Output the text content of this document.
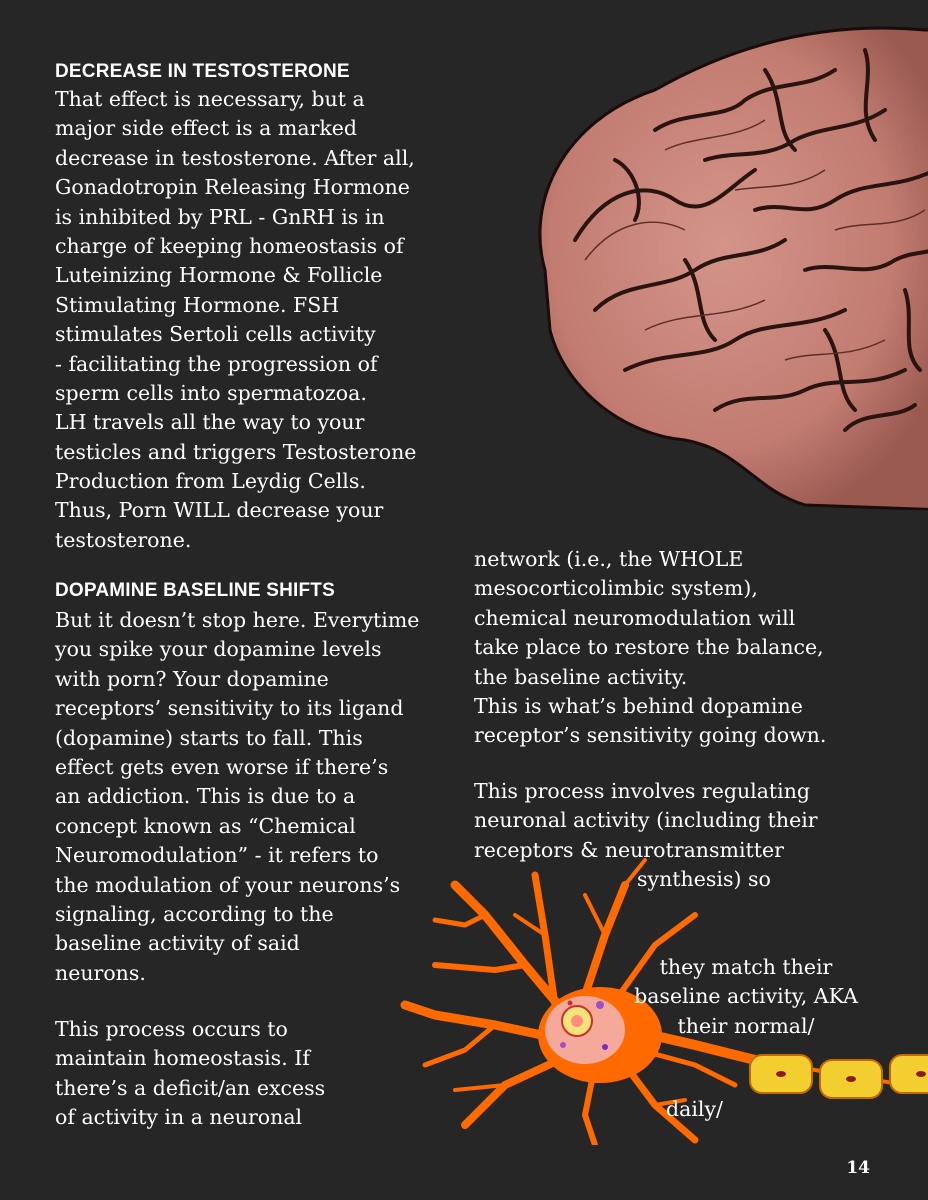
DECREASE IN TESTOSTERONE
That effect is necessary, but a
major side effect is a marked
decrease in testosterone. After all,
Gonadotropin Releasing Hormone
is inhibited by PRL - GnRH is in
charge of keeping homeostasis of
Luteinizing Hormone & Follicle
Stimulating Hormone. FSH
stimulates Sertoli cells activity
- facilitating the progression of
sperm cells into spermatozoa.
LH travels all the way to your
testicles and triggers Testosterone
Production from Leydig Cells.
Thus, Porn WILL decrease your
testosterone.
DOPAMINE BASELINE SHIFTS
But it doesn’t stop here. Everytime
you spike your dopamine levels
with porn? Your dopamine
receptors’ sensitivity to its ligand
(dopamine) starts to fall. This
effect gets even worse if there’s
an addiction. This is due to a
concept known as “Chemical
Neuromodulation” - it refers to
the modulation of your neurons’s
signaling, according to the
baseline activity of said
neurons.
This process occurs to
maintain homeostasis. If
there’s a deficit/an excess
of activity in a neuronal
network (i.e., the WHOLE
mesocorticolimbic system),
chemical neuromodulation will
take place to restore the balance,
the baseline activity.
This is what’s behind dopamine
receptor’s sensitivity going down.
This process involves regulating
neuronal activity (including their
receptors & neurotransmitter
synthesis) so
they match their
baseline activity, AKA
their normal/
daily/
14
